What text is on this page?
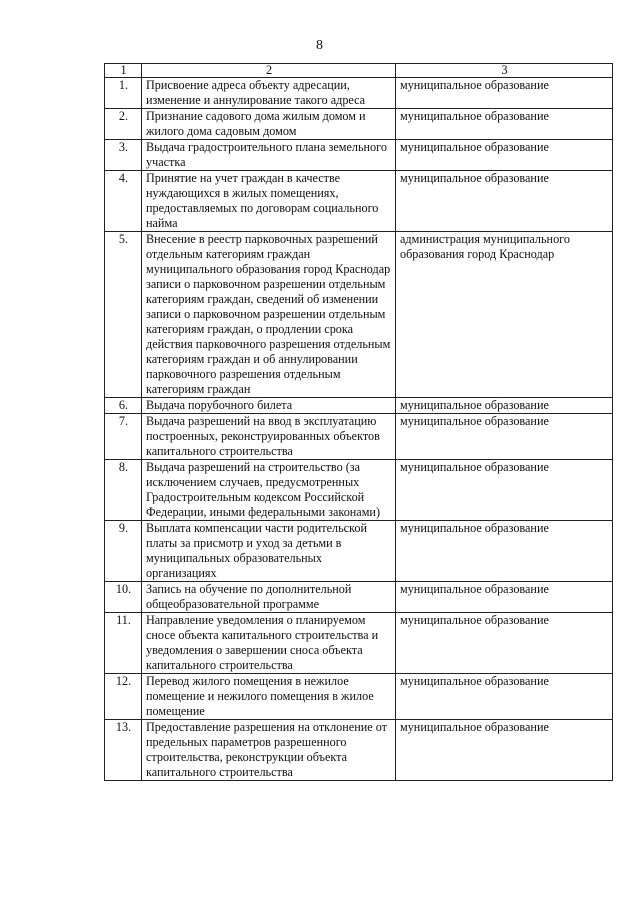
8
1	2	3
1.	Присвоение адреса объекту адресации, изменение и аннулирование такого адреса	муниципальное образование
2.	Признание садового дома жилым домом и жилого дома садовым домом	муниципальное образование
3.	Выдача градостроительного плана земельного участка	муниципальное образование
4.	Принятие на учет граждан в качестве нуждающихся в жилых помещениях, предоставляемых по договорам социального найма	муниципальное образование
5.	Внесение в реестр парковочных разрешений отдельным категориям граждан муниципального образования город Краснодар записи о парковочном разрешении отдельным категориям граждан, сведений об изменении записи о парковочном разрешении отдельным категориям граждан, о продлении срока действия парковочного разрешения отдельным категориям граждан и об аннулировании парковочного разрешения отдельным категориям граждан	администрация муниципального образования город Краснодар
6.	Выдача порубочного билета	муниципальное образование
7.	Выдача разрешений на ввод в эксплуатацию построенных, реконструированных объектов капитального строительства	муниципальное образование
8.	Выдача разрешений на строительство (за исключением случаев, предусмотренных Градостроительным кодексом Российской Федерации, иными федеральными законами)	муниципальное образование
9.	Выплата компенсации части родительской платы за присмотр и уход за детьми в муниципальных образовательных организациях	муниципальное образование
10.	Запись на обучение по дополнительной общеобразовательной программе	муниципальное образование
11.	Направление уведомления о планируемом сносе объекта капитального строительства и уведомления о завершении сноса объекта капитального строительства	муниципальное образование
12.	Перевод жилого помещения в нежилое помещение и нежилого помещения в жилое помещение	муниципальное образование
13.	Предоставление разрешения на отклонение от предельных параметров разрешенного строительства, реконструкции объекта капитального строительства	муниципальное образование
